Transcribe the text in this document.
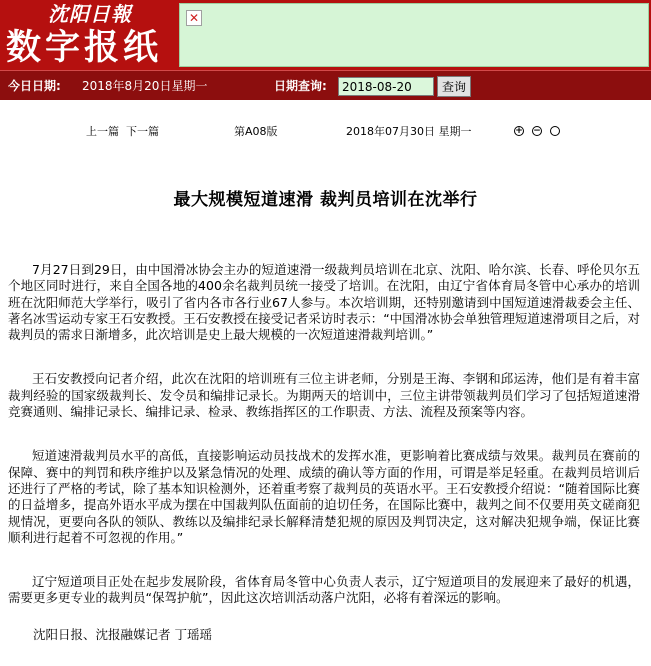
沈阳日報
数字报纸
✕
今日日期: 2018年8月20日星期一	日期查询:
2018-08-20	查询
上一篇 下一篇	第A08版	2018年07月30日 星期一	+ −
最大规模短道速滑 裁判员培训在沈举行

7月27日到29日，由中国滑冰协会主办的短道速滑一级裁判员培训在北京、沈阳、哈尔滨、长春、呼伦贝尔五个地区同时进行，来自全国各地的400余名裁判员统一接受了培训。在沈阳，由辽宁省体育局冬管中心承办的培训班在沈阳师范大学举行，吸引了省内各市各行业67人参与。本次培训期，还特别邀请到中国短道速滑裁委会主任、著名冰雪运动专家王石安教授。王石安教授在接受记者采访时表示：“中国滑冰协会单独管理短道速滑项目之后，对裁判员的需求日渐增多，此次培训是史上最大规模的一次短道速滑裁判培训。”

王石安教授向记者介绍，此次在沈阳的培训班有三位主讲老师，分别是王海、李钢和邱运涛，他们是有着丰富裁判经验的国家级裁判长、发令员和编排记录长。为期两天的培训中，三位主讲带领裁判员们学习了包括短道速滑竞赛通则、编排记录长、编排记录、检录、教练指挥区的工作职责、方法、流程及预案等内容。

短道速滑裁判员水平的高低，直接影响运动员技战术的发挥水准，更影响着比赛成绩与效果。裁判员在赛前的保障、赛中的判罚和秩序维护以及紧急情况的处理、成绩的确认等方面的作用，可谓是举足轻重。在裁判员培训后还进行了严格的考试，除了基本知识检测外，还着重考察了裁判员的英语水平。王石安教授介绍说：“随着国际比赛的日益增多，提高外语水平成为摆在中国裁判队伍面前的迫切任务，在国际比赛中，裁判之间不仅要用英文磋商犯规情况，更要向各队的领队、教练以及编排纪录长解释清楚犯规的原因及判罚决定，这对解决犯规争端，保证比赛顺利进行起着不可忽视的作用。”

辽宁短道项目正处在起步发展阶段，省体育局冬管中心负责人表示，辽宁短道项目的发展迎来了最好的机遇，需要更多更专业的裁判员“保驾护航”，因此这次培训活动落户沈阳，必将有着深远的影响。

沈阳日报、沈报融媒记者 丁瑶瑶
